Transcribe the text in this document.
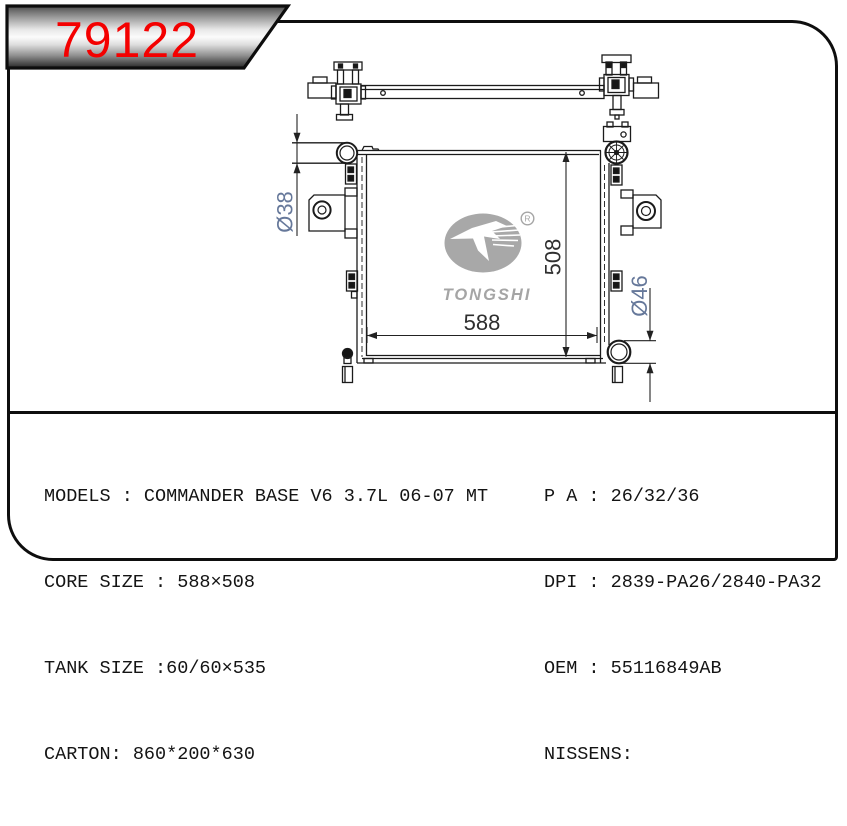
Ø38
508
588
Ø46
R
TONGSHI
79122

MODELS : COMMANDER BASE V6 3.7L 06-07 MT

CORE SIZE : 588×508

TANK SIZE :60/60×535

CARTON: 860*200*630

P A : 26/32/36

DPI : 2839-PA26/2840-PA32

OEM : 55116849AB

NISSENS:
